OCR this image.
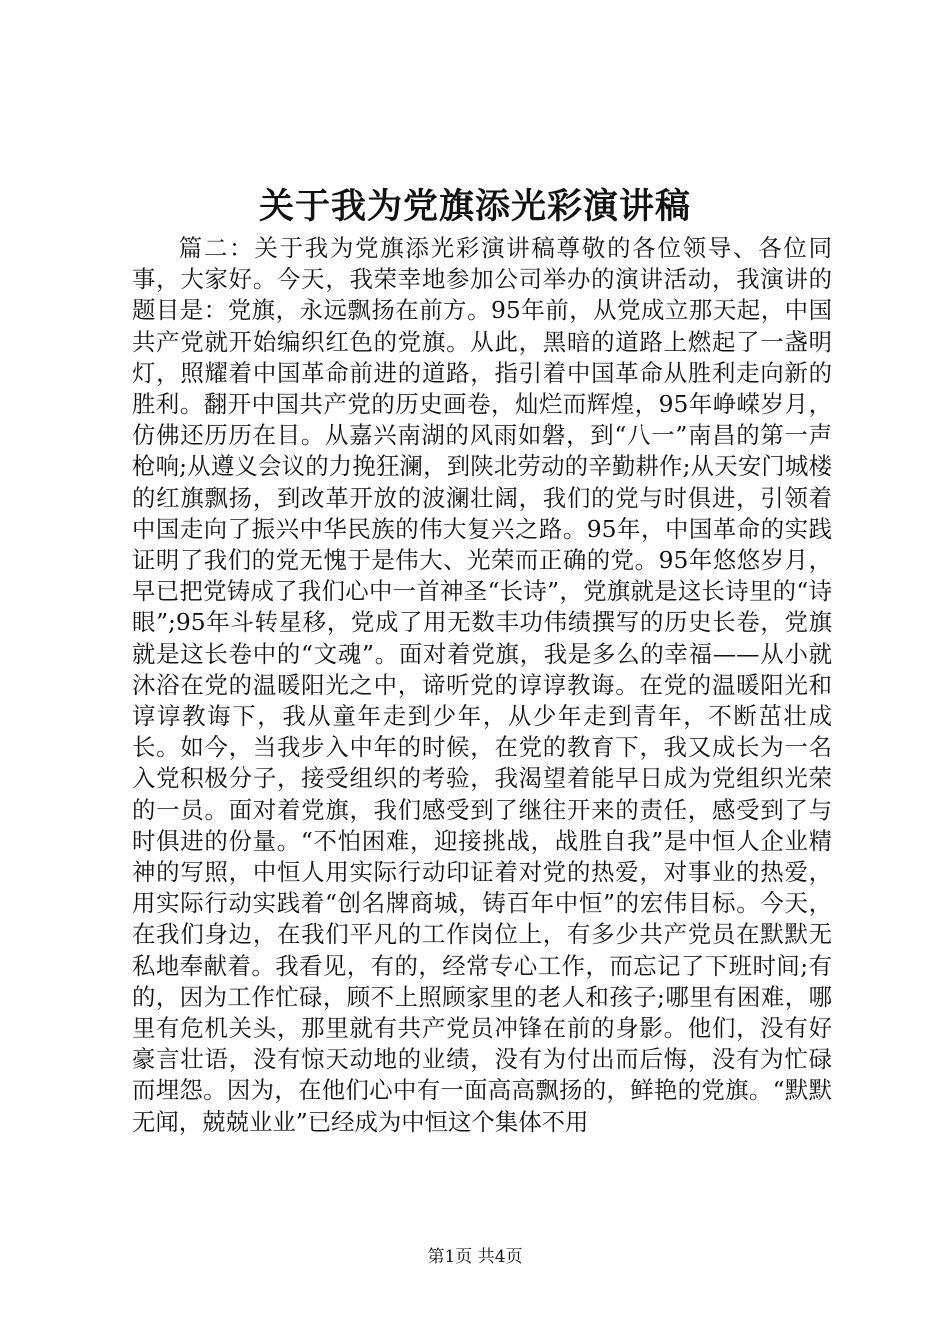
关于我为党旗添光彩演讲稿

篇二：关于我为党旗添光彩演讲稿尊敬的各位领导、各位同事，大家好。今天，我荣幸地参加公司举办的演讲活动，我演讲的题目是：党旗，永远飘扬在前方。95年前，从党成立那天起，中国共产党就开始编织红色的党旗。从此，黑暗的道路上燃起了一盏明灯，照耀着中国革命前进的道路，指引着中国革命从胜利走向新的胜利。翻开中国共产党的历史画卷，灿烂而辉煌，95年峥嵘岁月，仿佛还历历在目。从嘉兴南湖的风雨如磐，到“八一”南昌的第一声枪响;从遵义会议的力挽狂澜，到陕北劳动的辛勤耕作;从天安门城楼的红旗飘扬，到改革开放的波澜壮阔，我们的党与时俱进，引领着中国走向了振兴中华民族的伟大复兴之路。95年，中国革命的实践证明了我们的党无愧于是伟大、光荣而正确的党。95年悠悠岁月，早已把党铸成了我们心中一首神圣“长诗”，党旗就是这长诗里的“诗眼”;95年斗转星移，党成了用无数丰功伟绩撰写的历史长卷，党旗就是这长卷中的“文魂”。面对着党旗，我是多么的幸福——从小就沐浴在党的温暖阳光之中，谛听党的谆谆教诲。在党的温暖阳光和谆谆教诲下，我从童年走到少年，从少年走到青年，不断茁壮成长。如今，当我步入中年的时候，在党的教育下，我又成长为一名入党积极分子，接受组织的考验，我渴望着能早日成为党组织光荣的一员。面对着党旗，我们感受到了继往开来的责任，感受到了与时俱进的份量。“不怕困难，迎接挑战，战胜自我”是中恒人企业精神的写照，中恒人用实际行动印证着对党的热爱，对事业的热爱，用实际行动实践着“创名牌商城，铸百年中恒”的宏伟目标。今天，在我们身边，在我们平凡的工作岗位上，有多少共产党员在默默无私地奉献着。我看见，有的，经常专心工作，而忘记了下班时间;有的，因为工作忙碌，顾不上照顾家里的老人和孩子;哪里有困难，哪里有危机关头，那里就有共产党员冲锋在前的身影。他们，没有好豪言壮语，没有惊天动地的业绩，没有为付出而后悔，没有为忙碌而埋怨。因为，在他们心中有一面高高飘扬的，鲜艳的党旗。“默默无闻，兢兢业业”已经成为中恒这个集体不用

第1页 共4页
